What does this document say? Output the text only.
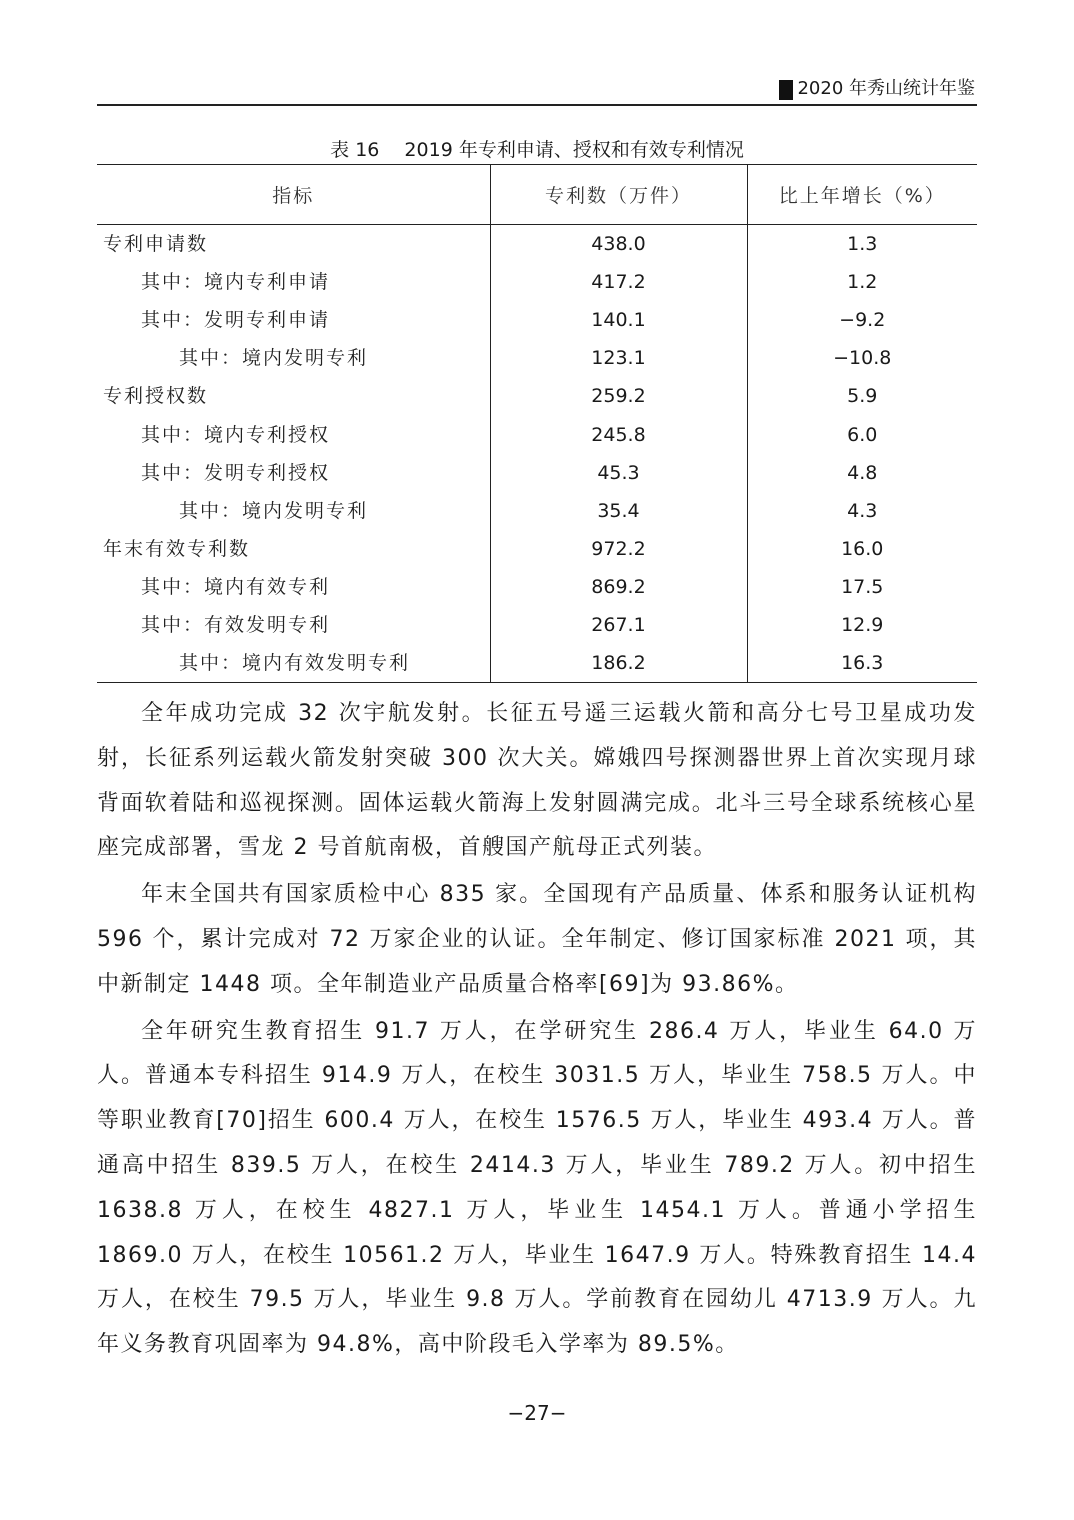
2020 年秀山统计年鉴
表 16　 2019 年专利申请、授权和有效专利情况
指标	专利数（万件）	比上年增长（%）
专利申请数	438.0	1.3
其中：境内专利申请	417.2	1.2
其中：发明专利申请	140.1	−9.2
其中：境内发明专利	123.1	−10.8
专利授权数	259.2	5.9
其中：境内专利授权	245.8	6.0
其中：发明专利授权	45.3	4.8
其中：境内发明专利	35.4	4.3
年末有效专利数	972.2	16.0
其中：境内有效专利	869.2	17.5
其中：有效发明专利	267.1	12.9
其中：境内有效发明专利	186.2	16.3

全年成功完成 32 次宇航发射。长征五号遥三运载火箭和高分七号卫星成功发射，长征系列运载火箭发射突破 300 次大关。嫦娥四号探测器世界上首次实现月球背面软着陆和巡视探测。固体运载火箭海上发射圆满完成。北斗三号全球系统核心星座完成部署，雪龙 2 号首航南极，首艘国产航母正式列装。

年末全国共有国家质检中心 835 家。全国现有产品质量、体系和服务认证机构 596 个，累计完成对 72 万家企业的认证。全年制定、修订国家标准 2021 项，其中新制定 1448 项。全年制造业产品质量合格率[69]为 93.86%。

全年研究生教育招生 91.7 万人，在学研究生 286.4 万人，毕业生 64.0 万人。普通本专科招生 914.9 万人，在校生 3031.5 万人，毕业生 758.5 万人。中等职业教育[70]招生 600.4 万人，在校生 1576.5 万人，毕业生 493.4 万人。普通高中招生 839.5 万人，在校生 2414.3 万人，毕业生 789.2 万人。初中招生 1638.8 万人，在校生 4827.1 万人，毕业生 1454.1 万人。普通小学招生 1869.0 万人，在校生 10561.2 万人，毕业生 1647.9 万人。特殊教育招生 14.4 万人，在校生 79.5 万人，毕业生 9.8 万人。学前教育在园幼儿 4713.9 万人。九年义务教育巩固率为 94.8%，高中阶段毛入学率为 89.5%。

−27−
